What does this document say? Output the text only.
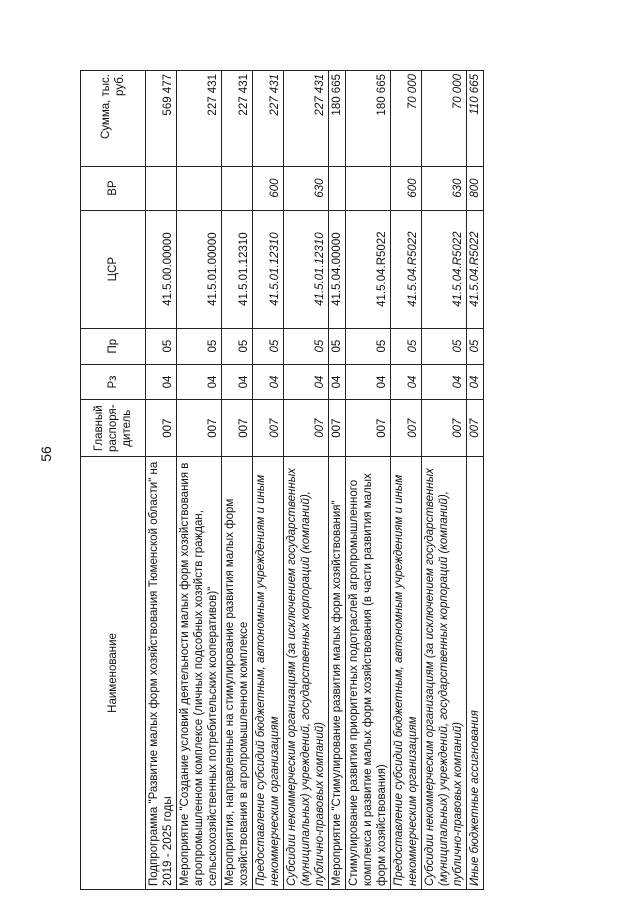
56
Наименование	Главный распоря-дитель	Рз	Пр	ЦСР	ВР	Сумма, тыс. руб.
Подпрограмма "Развитие малых форм хозяйствования Тюменской области" на 2019 - 2025 годы	007	04	05	41.5.00.00000		569 477
Мероприятие "Создание условий деятельности малых форм хозяйствования в агропромышленном комплексе (личных подсобных хозяйств граждан, сельскохозяйственных потребительских кооперативов)"	007	04	05	41.5.01.00000		227 431
Мероприятия, направленные на стимулирование развития малых форм хозяйствования в агропромышленном комплексе	007	04	05	41.5.01.12310		227 431
Предоставление субсидий бюджетным, автономным учреждениям и иным некоммерческим организациям	007	04	05	41.5.01.12310	600	227 431
Субсидии некоммерческим организациям (за исключением государственных (муниципальных) учреждений, государственных корпораций (компаний), публично-правовых компаний)	007	04	05	41.5.01.12310	630	227 431
Мероприятие "Стимулирование развития малых форм хозяйствования"	007	04	05	41.5.04.00000		180 665
Стимулирование развития приоритетных подотраслей агропромышленного комплекса и развитие малых форм хозяйствования (в части развития малых форм хозяйствования)	007	04	05	41.5.04.R5022		180 665
Предоставление субсидий бюджетным, автономным учреждениям и иным некоммерческим организациям	007	04	05	41.5.04.R5022	600	70 000
Субсидии некоммерческим организациям (за исключением государственных (муниципальных) учреждений, государственных корпораций (компаний), публично-правовых компаний)	007	04	05	41.5.04.R5022	630	70 000
Иные бюджетные ассигнования	007	04	05	41.5.04.R5022	800	110 665
